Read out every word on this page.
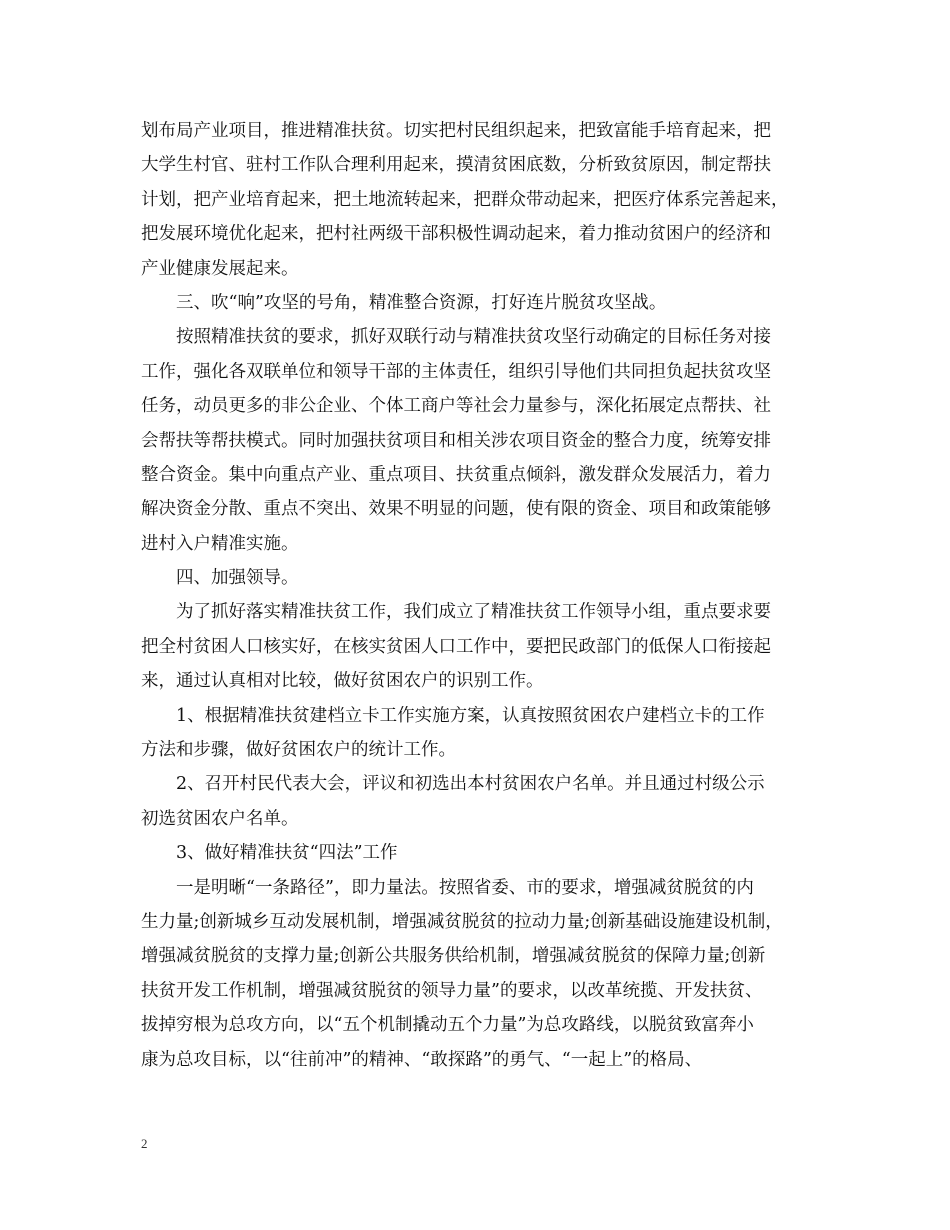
划布局产业项目，推进精准扶贫。切实把村民组织起来，把致富能手培育起来，把
大学生村官、驻村工作队合理利用起来，摸清贫困底数，分析致贫原因，制定帮扶
计划，把产业培育起来，把土地流转起来，把群众带动起来，把医疗体系完善起来，
把发展环境优化起来，把村社两级干部积极性调动起来，着力推动贫困户的经济和
产业健康发展起来。
　　三、吹“响”攻坚的号角，精准整合资源，打好连片脱贫攻坚战。
　　按照精准扶贫的要求，抓好双联行动与精准扶贫攻坚行动确定的目标任务对接
工作，强化各双联单位和领导干部的主体责任，组织引导他们共同担负起扶贫攻坚
任务，动员更多的非公企业、个体工商户等社会力量参与，深化拓展定点帮扶、社
会帮扶等帮扶模式。同时加强扶贫项目和相关涉农项目资金的整合力度，统筹安排
整合资金。集中向重点产业、重点项目、扶贫重点倾斜，激发群众发展活力，着力
解决资金分散、重点不突出、效果不明显的问题，使有限的资金、项目和政策能够
进村入户精准实施。
　　四、加强领导。
　　为了抓好落实精准扶贫工作，我们成立了精准扶贫工作领导小组，重点要求要
把全村贫困人口核实好，在核实贫困人口工作中，要把民政部门的低保人口衔接起
来，通过认真相对比较，做好贫困农户的识别工作。
　　1、根据精准扶贫建档立卡工作实施方案，认真按照贫困农户建档立卡的工作
方法和步骤，做好贫困农户的统计工作。
　　2、召开村民代表大会，评议和初选出本村贫困农户名单。并且通过村级公示
初选贫困农户名单。
　　3、做好精准扶贫“四法”工作
　　一是明晰“一条路径”，即力量法。按照省委、市的要求，增强减贫脱贫的内
生力量;创新城乡互动发展机制，增强减贫脱贫的拉动力量;创新基础设施建设机制，
增强减贫脱贫的支撑力量;创新公共服务供给机制，增强减贫脱贫的保障力量;创新
扶贫开发工作机制，增强减贫脱贫的领导力量”的要求，以改革统揽、开发扶贫、
拔掉穷根为总攻方向，以“五个机制撬动五个力量”为总攻路线，以脱贫致富奔小
康为总攻目标，以“往前冲”的精神、“敢探路”的勇气、“一起上”的格局、
2
